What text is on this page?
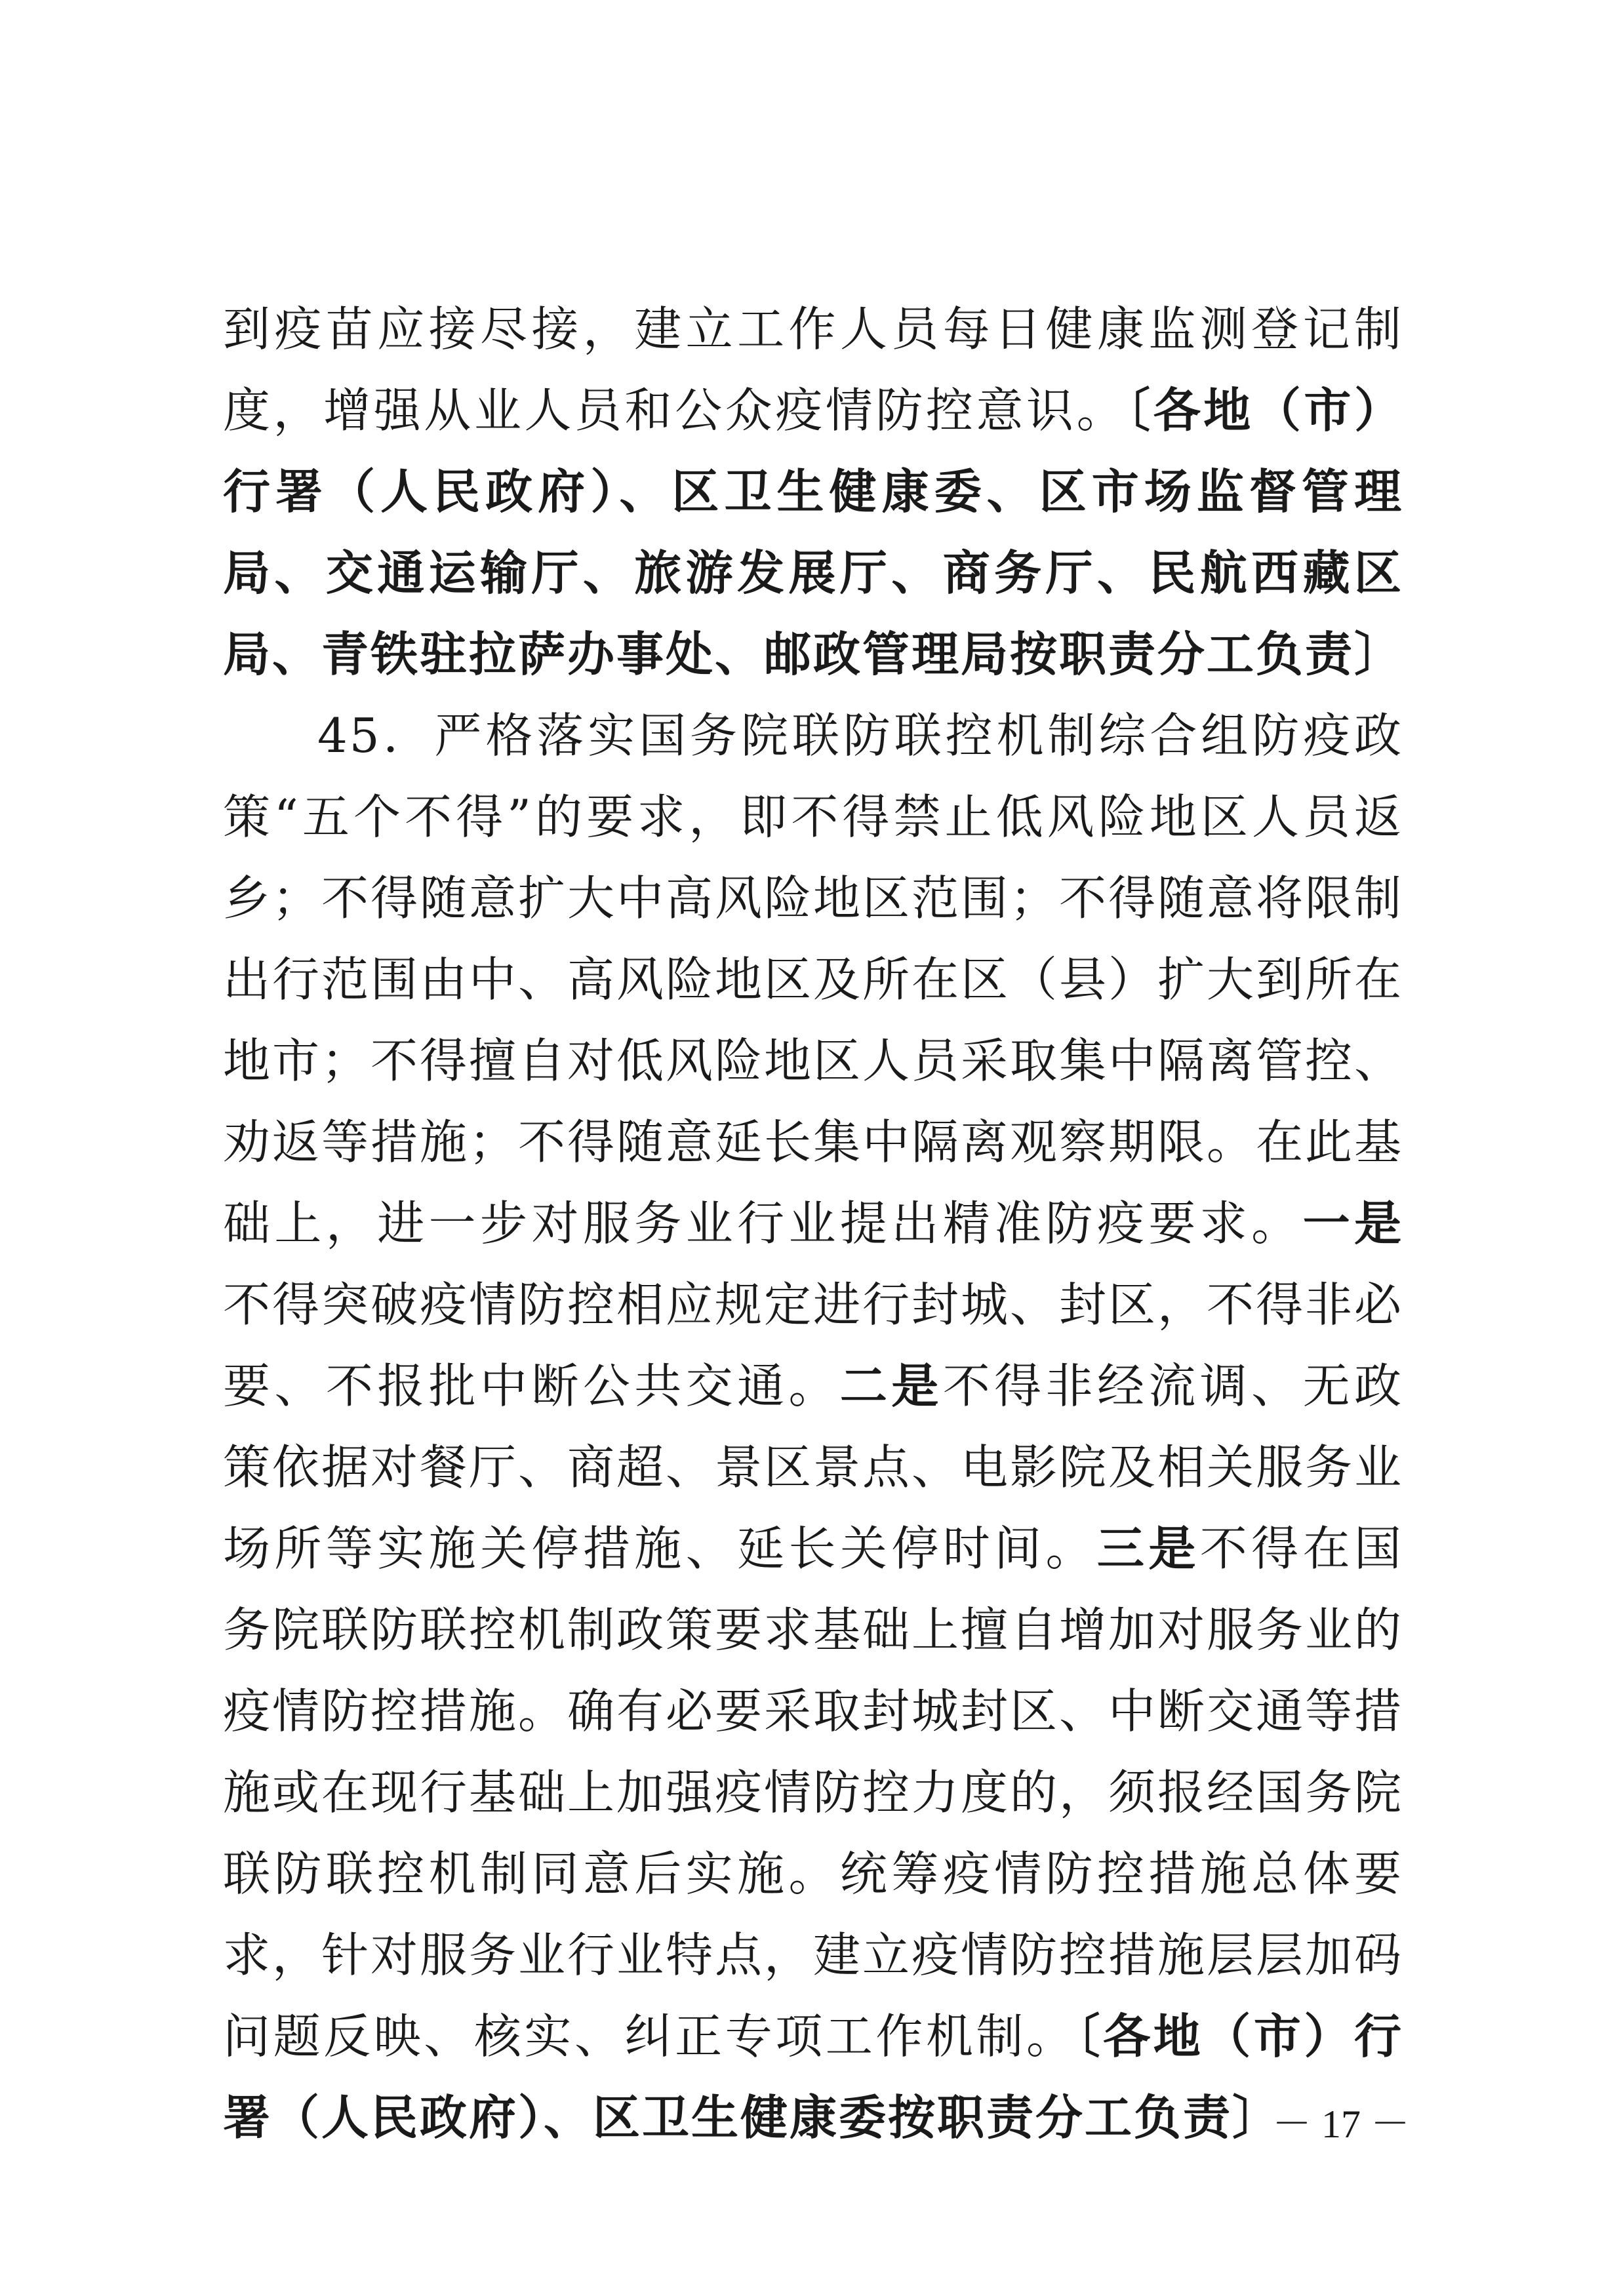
到疫苗应接尽接，建立工作人员每日健康监测登记制度，增强从业人员和公众疫情防控意识。〔各地（市）行署（人民政府）、区卫生健康委、区市场监督管理局、交通运输厅、旅游发展厅、商务厅、民航西藏区局、青铁驻拉萨办事处、邮政管理局按职责分工负责〕

45．严格落实国务院联防联控机制综合组防疫政策“五个不得”的要求，即不得禁止低风险地区人员返乡；不得随意扩大中高风险地区范围；不得随意将限制出行范围由中、高风险地区及所在区（县）扩大到所在地市；不得擅自对低风险地区人员采取集中隔离管控、劝返等措施；不得随意延长集中隔离观察期限。在此基础上，进一步对服务业行业提出精准防疫要求。一是不得突破疫情防控相应规定进行封城、封区，不得非必要、不报批中断公共交通。二是不得非经流调、无政策依据对餐厅、商超、景区景点、电影院及相关服务业场所等实施关停措施、延长关停时间。三是不得在国务院联防联控机制政策要求基础上擅自增加对服务业的疫情防控措施。确有必要采取封城封区、中断交通等措施或在现行基础上加强疫情防控力度的，须报经国务院联防联控机制同意后实施。统筹疫情防控措施总体要求，针对服务业行业特点，建立疫情防控措施层层加码问题反映、核实、纠正专项工作机制。〔各地（市）行署（人民政府）、区卫生健康委按职责分工负责〕

－ 17 －
